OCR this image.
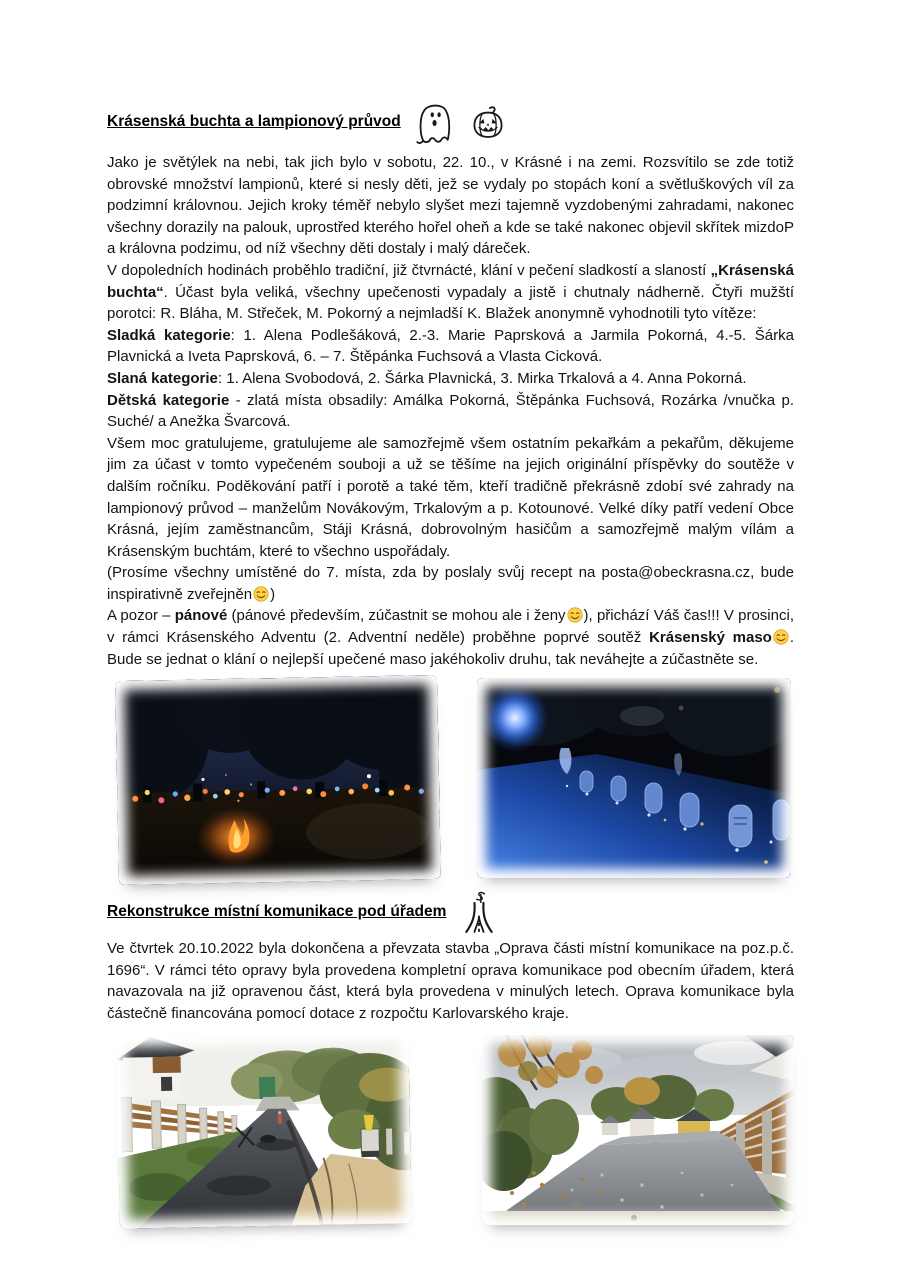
Krásenská buchta a lampionový průvod

Jako je světýlek na nebi, tak jich bylo v sobotu, 22. 10., v Krásné i na zemi. Rozsvítilo se zde totiž obrovské množství lampionů, které si nesly děti, jež se vydaly po stopách koní a světluškových víl za podzimní královnou. Jejich kroky téměř nebylo slyšet mezi tajemně vyzdobenými zahradami, nakonec všechny dorazily na palouk, uprostřed kterého hořel oheň a kde se také nakonec objevil skřítek mizdoP a královna podzimu, od níž všechny děti dostaly i malý dáreček.

V dopoledních hodinách proběhlo tradiční, již čtvrnácté, klání v pečení sladkostí a slaností „Krásenská buchta“. Účast byla veliká, všechny upečenosti vypadaly a jistě i chutnaly nádherně. Čtyři mužští porotci: R. Bláha, M. Střeček, M. Pokorný a nejmladší K. Blažek anonymně vyhodnotili tyto vítěze:

Sladká kategorie: 1. Alena Podlešáková, 2.-3. Marie Paprsková a Jarmila Pokorná, 4.-5. Šárka Plavnická a Iveta Paprsková, 6. – 7. Štěpánka Fuchsová a Vlasta Cicková.

Slaná kategorie: 1. Alena Svobodová, 2. Šárka Plavnická, 3. Mirka Trkalová a 4. Anna Pokorná.

Dětská kategorie - zlatá místa obsadily: Amálka Pokorná, Štěpánka Fuchsová, Rozárka /vnučka p. Suché/ a Anežka Švarcová.

Všem moc gratulujeme, gratulujeme ale samozřejmě všem ostatním pekařkám a pekařům, děkujeme jim za účast v tomto vypečeném souboji a už se těšíme na jejich originální příspěvky do soutěže v dalším ročníku. Poděkování patří i porotě a také těm, kteří tradičně překrásně zdobí své zahrady na lampionový průvod – manželům Novákovým, Trkalovým a p. Kotounové. Velké díky patří vedení Obce Krásná, jejím zaměstnancům, Stáji Krásná, dobrovolným hasičům a samozřejmě malým vílám a Krásenským buchtám, které to všechno uspořádaly.

(Prosíme všechny umístěné do 7. místa, zda by poslaly svůj recept na posta@obeckrasna.cz, bude inspirativně zveřejněn )

A pozor – pánové (pánové především, zúčastnit se mohou ale i ženy ), přichází Váš čas!!! V prosinci, v rámci Krásenského Adventu (2. Adventní neděle) proběhne poprvé soutěž Krásenský maso . Bude se jednat o klání o nejlepší upečené maso jakéhokoliv druhu, tak neváhejte a zúčastněte se.

Rekonstrukce místní komunikace pod úřadem

Ve čtvrtek 20.10.2022 byla dokončena a převzata stavba „Oprava části místní komunikace na poz.p.č. 1696“. V rámci této opravy byla provedena kompletní oprava komunikace pod obecním úřadem, která navazovala na již opravenou část, která byla provedena v minulých letech. Oprava komunikace byla částečně financována pomocí dotace z rozpočtu Karlovarského kraje.
